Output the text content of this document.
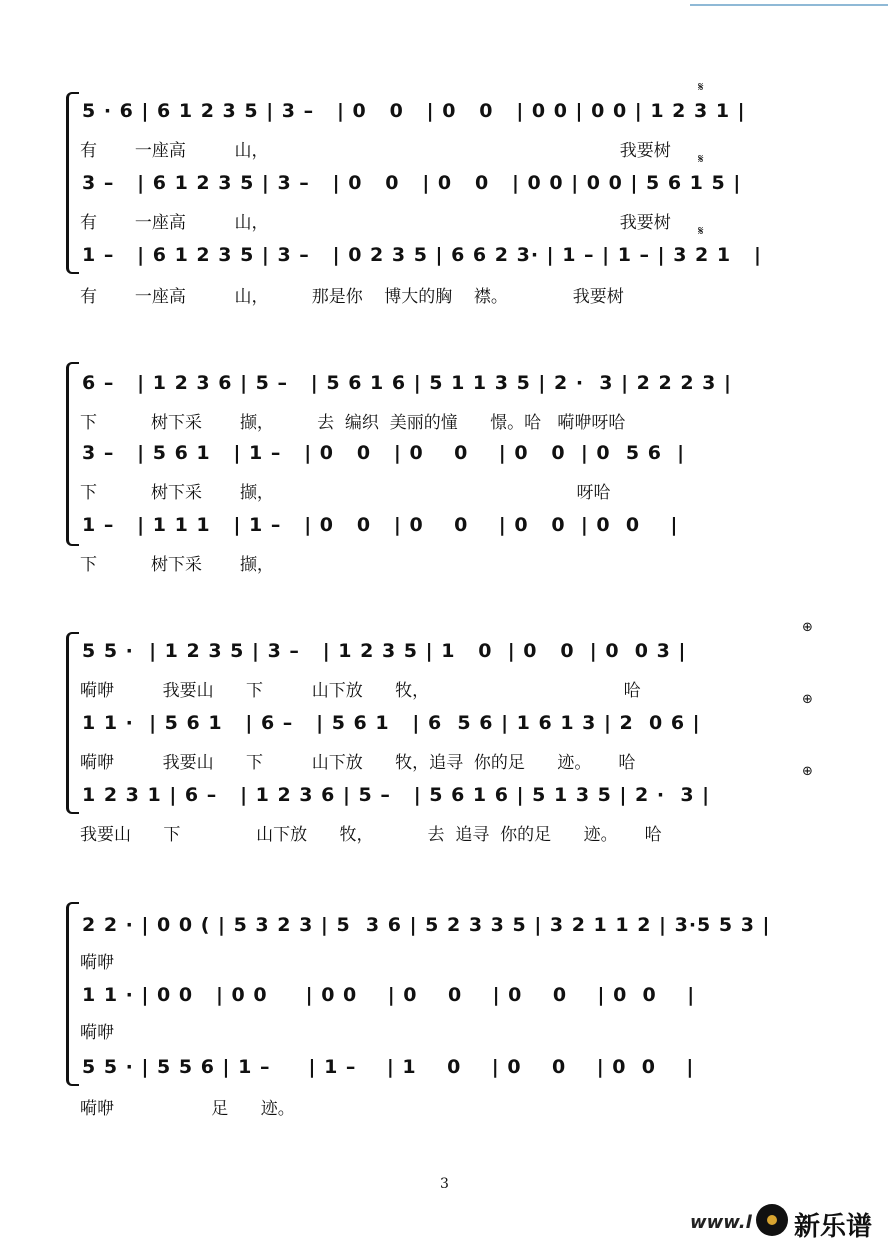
5 · 6 | 6 1 2 3 5 | 3 –   | 0   0   | 0   0   | 0 0 | 0 0 | 1 2 3 1 |
有       一座高         山，                                                                 我要树
3 –   | 6 1 2 3 5 | 3 –   | 0   0   | 0   0   | 0 0 | 0 0 | 5 6 1 5 |
有       一座高         山，                                                                 我要树
1 –   | 6 1 2 3 5 | 3 –   | 0 2 3 5 | 6 6 2 3· | 1 – | 1 – | 3 2 1   |
有       一座高         山，        那是你    博大的胸    襟。            我要树
𝄋
𝄋
𝄋
6 –   | 1 2 3 6 | 5 –   | 5 6 1 6 | 5 1 1 3 5 | 2 ·  3 | 2 2 2 3 |
下          树下采       撷，        去  编织  美丽的憧      憬。哈   嗬咿呀哈
3 –   | 5 6 1   | 1 –   | 0   0   | 0    0    | 0   0  | 0  5 6  |
下          树下采       撷，                                                        呀哈
1 –   | 1 1 1   | 1 –   | 0   0   | 0    0    | 0   0  | 0  0    |
下          树下采       撷，
5 5 ·  | 1 2 3 5 | 3 –   | 1 2 3 5 | 1   0  | 0   0  | 0  0 3 |
嗬咿         我要山      下         山下放      牧，                                    哈
1 1 ·  | 5 6 1   | 6 –   | 5 6 1   | 6  5 6 | 1 6 1 3 | 2  0 6 |
嗬咿         我要山      下         山下放      牧，追寻  你的足      迹。     哈
1 2 3 1 | 6 –   | 1 2 3 6 | 5 –   | 5 6 1 6 | 5 1 3 5 | 2 ·  3 |
我要山      下              山下放      牧，          去  追寻  你的足      迹。     哈
⊕
⊕
⊕
2 2 · | 0 0 ( | 5 3 2 3 | 5  3 6 | 5 2 3 3 5 | 3 2 1 1 2 | 3·5 5 3 |
嗬咿
1 1 · | 0 0   | 0 0     | 0 0    | 0    0    | 0    0    | 0  0    |
嗬咿
5 5 · | 5 5 6 | 1 –     | 1 –    | 1    0    | 0    0    | 0  0    |
嗬咿                  足      迹。
3
www.l 新乐谱
